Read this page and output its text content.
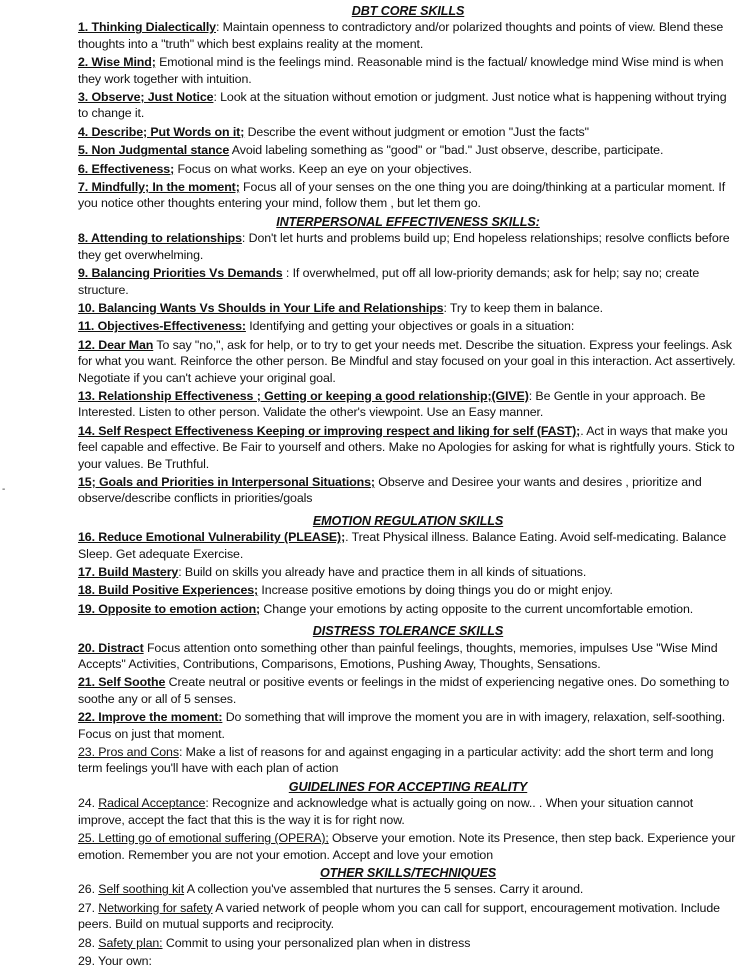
DBT CORE SKILLS
1. Thinking Dialectically: Maintain openness to contradictory and/or polarized thoughts and points of view. Blend these thoughts into a "truth" which best explains reality at the moment.
2. Wise Mind; Emotional mind is the feelings mind. Reasonable mind is the factual/ knowledge mind Wise mind is when they work together with intuition.
3. Observe; Just Notice: Look at the situation without emotion or judgment. Just notice what is happening without trying to change it.
4. Describe; Put Words on it; Describe the event without judgment or emotion "Just the facts"
5. Non Judgmental stance Avoid labeling something as "good" or "bad." Just observe, describe, participate.
6. Effectiveness; Focus on what works. Keep an eye on your objectives.
7. Mindfully; In the moment; Focus all of your senses on the one thing you are doing/thinking at a particular moment. If you notice other thoughts entering your mind, follow them , but let them go.
INTERPERSONAL EFFECTIVENESS SKILLS:
8. Attending to relationships: Don't let hurts and problems build up; End hopeless relationships; resolve conflicts before they get overwhelming.
9. Balancing Priorities Vs Demands : If overwhelmed, put off all low-priority demands; ask for help; say no; create structure.
10. Balancing Wants Vs Shoulds in Your Life and Relationships: Try to keep them in balance.
11. Objectives-Effectiveness: Identifying and getting your objectives or goals in a situation:
12. Dear Man To say "no,", ask for help, or to try to get your needs met. Describe the situation. Express your feelings. Ask for what you want. Reinforce the other person. Be Mindful and stay focused on your goal in this interaction. Act assertively. Negotiate if you can't achieve your original goal.
13. Relationship Effectiveness ; Getting or keeping a good relationship;(GIVE): Be Gentle in your approach. Be Interested. Listen to other person. Validate the other's viewpoint. Use an Easy manner.
14. Self Respect Effectiveness Keeping or improving respect and liking for self (FAST);. Act in ways that make you feel capable and effective. Be Fair to yourself and others. Make no Apologies for asking for what is rightfully yours. Stick to your values. Be Truthful.
15; Goals and Priorities in Interpersonal Situations; Observe and Desiree your wants and desires , prioritize and observe/describe conflicts in priorities/goals
EMOTION REGULATION SKILLS
16. Reduce Emotional Vulnerability (PLEASE);. Treat Physical illness. Balance Eating. Avoid self-medicating. Balance Sleep. Get adequate Exercise.
17. Build Mastery: Build on skills you already have and practice them in all kinds of situations.
18. Build Positive Experiences; Increase positive emotions by doing things you do or might enjoy.
19. Opposite to emotion action; Change your emotions by acting opposite to the current uncomfortable emotion.
DISTRESS TOLERANCE SKILLS
20. Distract Focus attention onto something other than painful feelings, thoughts, memories, impulses Use "Wise Mind Accepts" Activities, Contributions, Comparisons, Emotions, Pushing Away, Thoughts, Sensations.
21. Self Soothe Create neutral or positive events or feelings in the midst of experiencing negative ones. Do something to soothe any or all of 5 senses.
22. Improve the moment: Do something that will improve the moment you are in with imagery, relaxation, self-soothing. Focus on just that moment.
23. Pros and Cons: Make a list of reasons for and against engaging in a particular activity: add the short term and long term feelings you'll have with each plan of action
GUIDELINES FOR ACCEPTING REALITY
24. Radical Acceptance: Recognize and acknowledge what is actually going on now.. . When your situation cannot improve, accept the fact that this is the way it is for right now.
25. Letting go of emotional suffering (OPERA); Observe your emotion. Note its Presence, then step back. Experience your emotion. Remember you are not your emotion. Accept and love your emotion
OTHER SKILLS/TECHNIQUES
26. Self soothing kit A collection you've assembled that nurtures the 5 senses. Carry it around.
27. Networking for safety A varied network of people whom you can call for support, encouragement motivation. Include peers. Build on mutual supports and reciprocity.
28. Safety plan: Commit to using your personalized plan when in distress
29. Your own:
-
